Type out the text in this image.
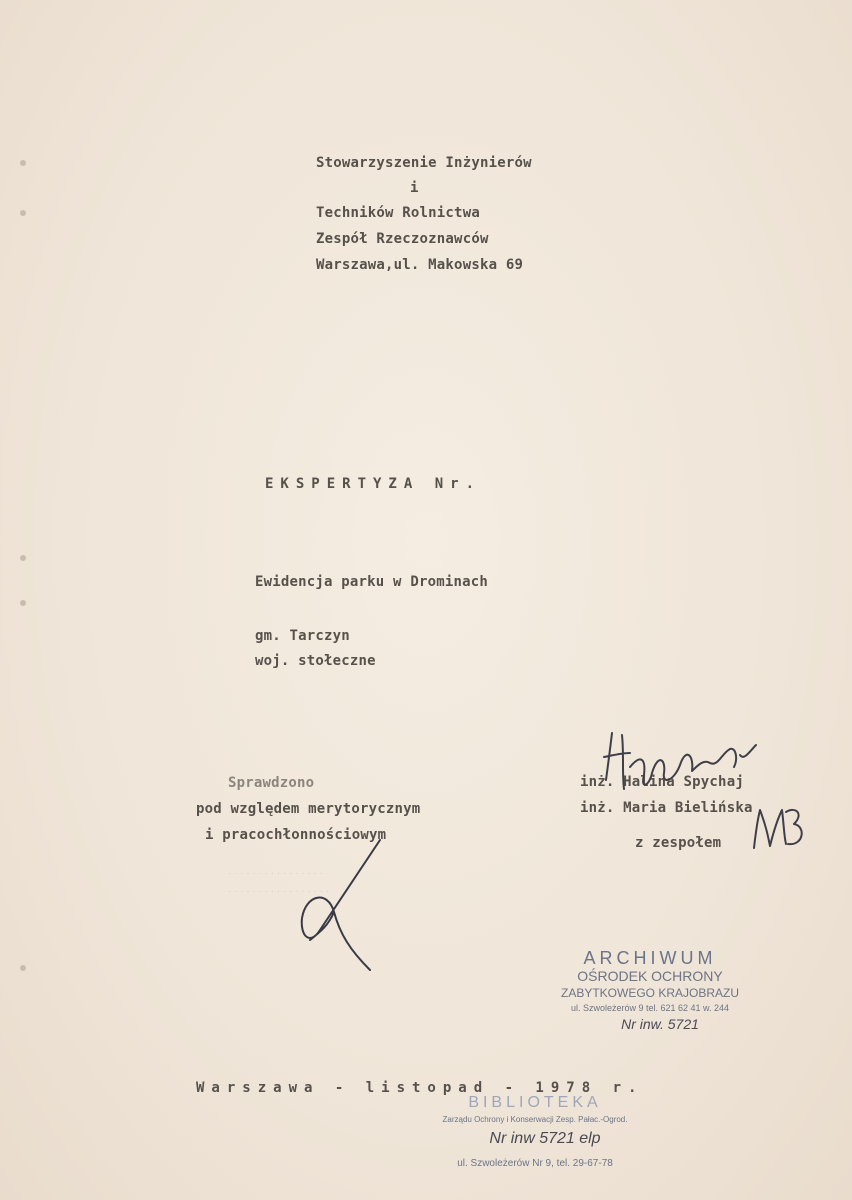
Stowarzyszenie Inżynierów
i
Techników Rolnictwa
Zespół Rzeczoznawców
Warszawa,ul. Makowska 69
EKSPERTYZA Nr.
Ewidencja parku w Drominach
gm. Tarczyn
woj. stołeczne
Sprawdzono
pod względem merytorycznym
i pracochłonnościowym
inż. Halina Spychaj
inż. Maria Bielińska
z zespołem
· · · · · · · · · · · · · · · ·
· · · · · · · · · · · · · · · · ·
ARCHIWUM
OŚRODEK OCHRONY
ZABYTKOWEGO KRAJOBRAZU
ul. Szwoleżerów 9 tel. 621 62 41 w. 244
Nr inw. 5721
Warszawa - listopad - 1978 r.
BIBLIOTEKA
Zarządu Ochrony i Konserwacji Zesp. Pałac.-Ogrod.
Nr inw 5721 elp
ul. Szwoleżerów Nr 9, tel. 29-67-78
